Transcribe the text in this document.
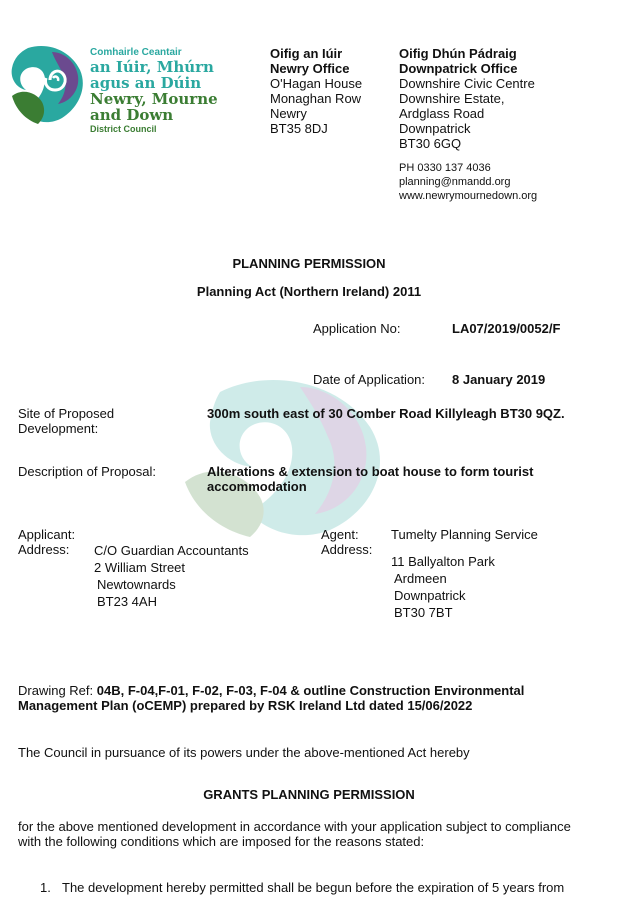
Comhairle Ceantair
an Iúir, Mhúrn
agus an Dúin
Newry, Mourne
and Down
District Council
Oifig an Iúir
Newry Office
O'Hagan House
Monaghan Row
Newry
BT35 8DJ
Oifig Dhún Pádraig
Downpatrick Office
Downshire Civic Centre
Downshire Estate,
Ardglass Road
Downpatrick
BT30 6GQ
PH 0330 137 4036
planning@nmandd.org
www.newrymournedown.org
PLANNING PERMISSION
Planning Act (Northern Ireland) 2011
Application No:	LA07/2019/0052/F
Date of Application: 8 January 2019
Site of Proposed
Development:
300m south east of 30 Comber Road Killyleagh BT30 9QZ.
Description of Proposal:	Alterations & extension to boat house to form tourist
accommodation
Applicant:
Address: C/O Guardian Accountants
2 William Street
Newtownards
BT23 4AH
Agent: Tumelty Planning Service
Address:
11 Ballyalton Park
Ardmeen
Downpatrick
BT30 7BT
Drawing Ref: 04B, F-04,F-01, F-02, F-03, F-04 & outline Construction Environmental
Management Plan (oCEMP) prepared by RSK Ireland Ltd dated 15/06/2022
The Council in pursuance of its powers under the above-mentioned Act hereby
GRANTS PLANNING PERMISSION
for the above mentioned development in accordance with your application subject to compliance
with the following conditions which are imposed for the reasons stated:
1. The development hereby permitted shall be begun before the expiration of 5 years from
